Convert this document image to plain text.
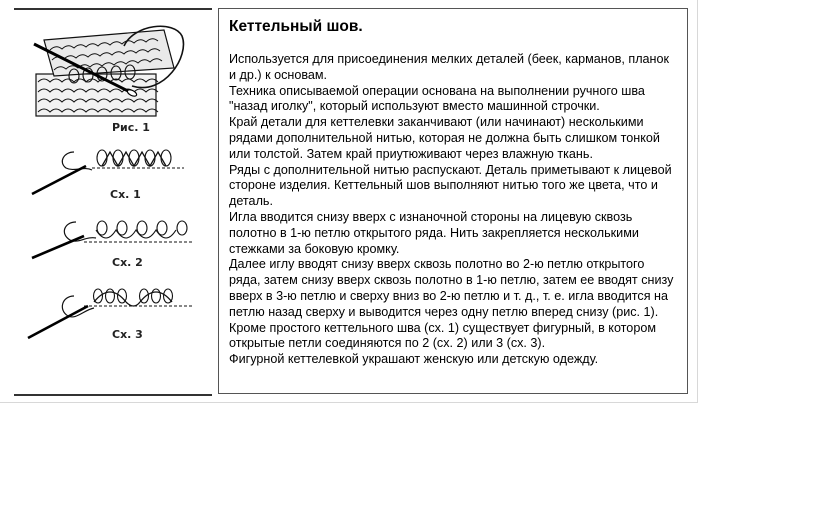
Рис. 1
Сх. 1
Сх. 2
Сх. 3

Кеттельный шов.

Используется для присоединения мелких деталей (беек, карманов, планок и др.) к основам.

Техника описываемой операции основана на выполнении ручного шва "назад иголку", который используют вместо машинной строчки.

Край детали для кеттелевки заканчивают (или начинают) несколькими рядами дополнительной нитью, которая не должна быть слишком тонкой или толстой. Затем край приутюживают через влажную ткань.

Ряды с дополнительной нитью распускают. Деталь приметывают к лицевой стороне изделия. Кеттельный шов выполняют нитью того же цвета, что и деталь.

Игла вводится снизу вверх с изнаночной стороны на лицевую сквозь полотно в 1-ю петлю открытого ряда. Нить закрепляется несколькими стежками за боковую кромку.

Далее иглу вводят снизу вверх сквозь полотно во 2-ю петлю открытого ряда, затем снизу вверх сквозь полотно в 1-ю петлю, затем ее вводят снизу вверх в 3-ю петлю и сверху вниз во 2-ю петлю и т. д., т. е. игла вводится на петлю назад сверху и выводится через одну петлю вперед снизу (рис. 1).

Кроме простого кеттельного шва (сх. 1) существует фигурный, в котором открытые петли соединяются по 2 (сх. 2) или 3 (сх. 3).

Фигурной кеттелевкой украшают женскую или детскую одежду.
